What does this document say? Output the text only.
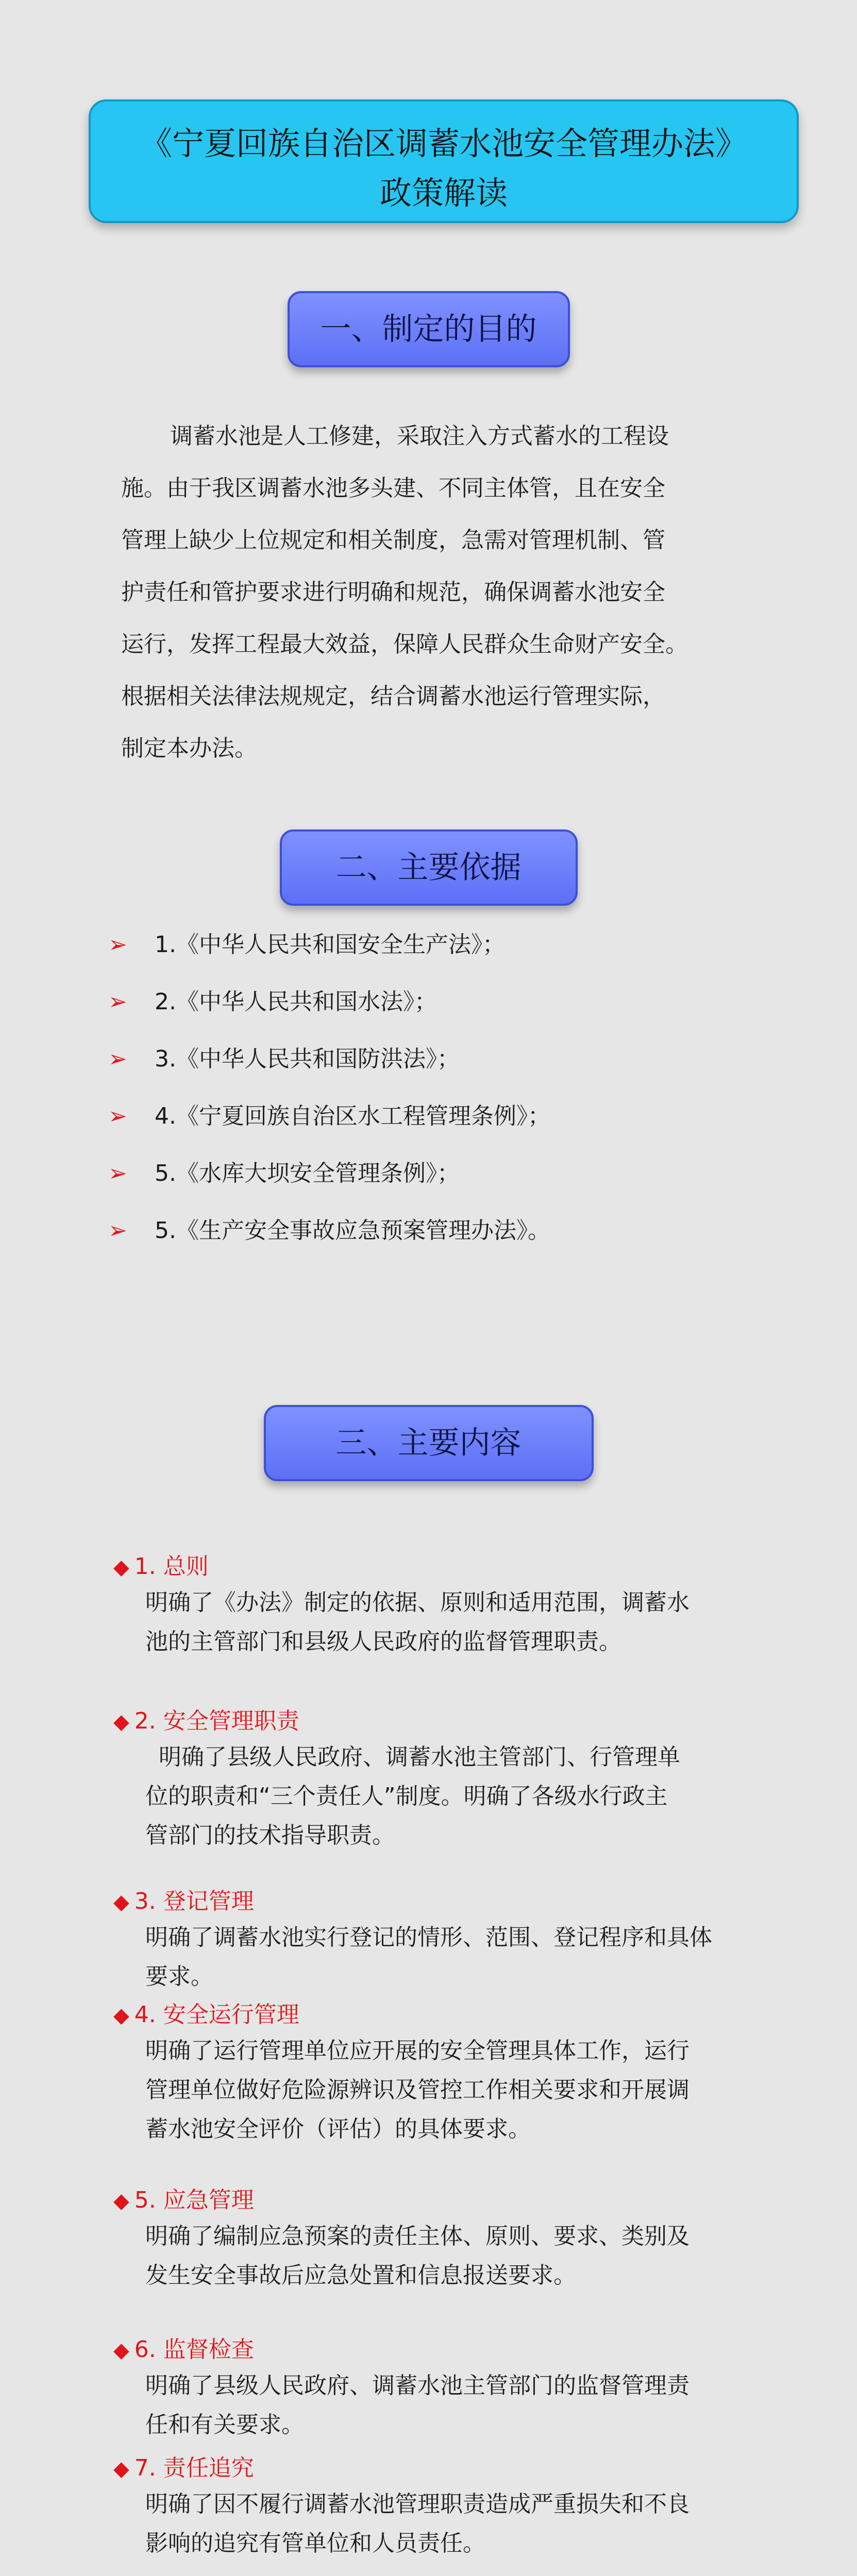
《宁夏回族自治区调蓄水池安全管理办法》
政策解读
一、制定的目的
调蓄水池是人工修建，采取注入方式蓄水的工程设
施。由于我区调蓄水池多头建、不同主体管，且在安全
管理上缺少上位规定和相关制度，急需对管理机制、管
护责任和管护要求进行明确和规范，确保调蓄水池安全
运行，发挥工程最大效益，保障人民群众生命财产安全。
根据相关法律法规规定，结合调蓄水池运行管理实际，
制定本办法。
二、主要依据
➢ 1.《中华人民共和国安全生产法》；
➢ 2.《中华人民共和国水法》；
➢ 3.《中华人民共和国防洪法》；
➢ 4.《宁夏回族自治区水工程管理条例》；
➢ 5.《水库大坝安全管理条例》；
➢ 5.《生产安全事故应急预案管理办法》。
三、主要内容
◆ 1. 总则
明确了《办法》制定的依据、原则和适用范围，调蓄水
池的主管部门和县级人民政府的监督管理职责。
◆ 2. 安全管理职责
明确了县级人民政府、调蓄水池主管部门、行管理单
位的职责和“三个责任人”制度。明确了各级水行政主
管部门的技术指导职责。
◆ 3. 登记管理
明确了调蓄水池实行登记的情形、范围、登记程序和具体
要求。
◆ 4. 安全运行管理
明确了运行管理单位应开展的安全管理具体工作，运行
管理单位做好危险源辨识及管控工作相关要求和开展调
蓄水池安全评价（评估）的具体要求。
◆ 5. 应急管理
明确了编制应急预案的责任主体、原则、要求、类别及
发生安全事故后应急处置和信息报送要求。
◆ 6. 监督检查
明确了县级人民政府、调蓄水池主管部门的监督管理责
任和有关要求。
◆ 7. 责任追究
明确了因不履行调蓄水池管理职责造成严重损失和不良
影响的追究有管单位和人员责任。
